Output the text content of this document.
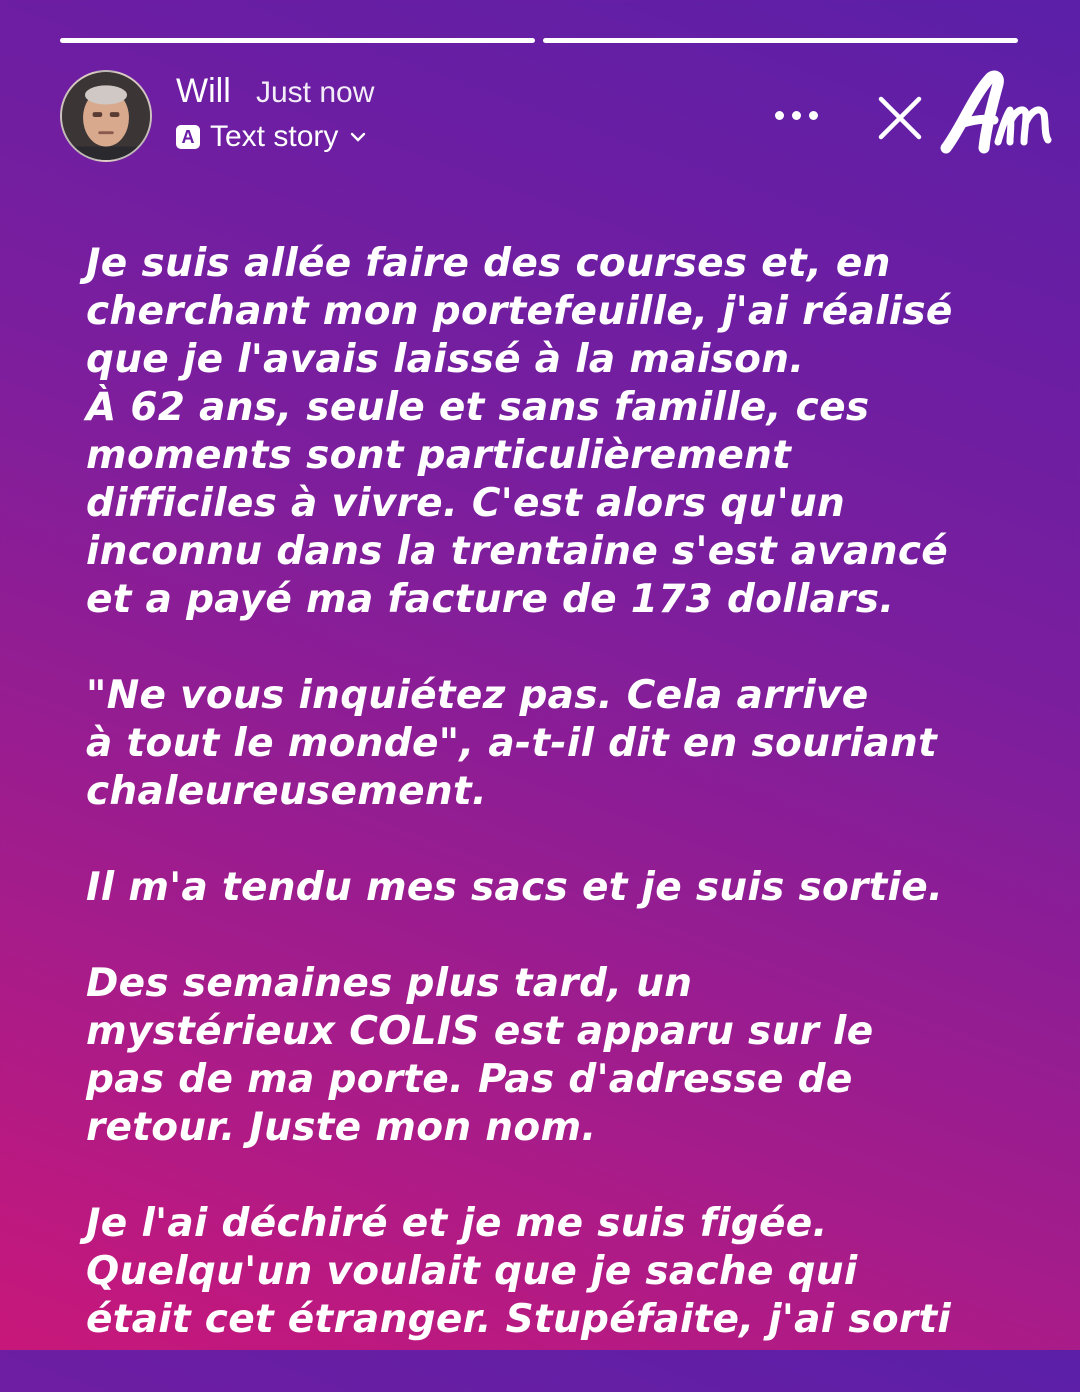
Will Just now
A Text story

Je suis allée faire des courses et, en
cherchant mon portefeuille, j'ai réalisé
que je l'avais laissé à la maison.
À 62 ans, seule et sans famille, ces
moments sont particulièrement
difficiles à vivre. C'est alors qu'un
inconnu dans la trentaine s'est avancé
et a payé ma facture de 173 dollars.

"Ne vous inquiétez pas. Cela arrive
à tout le monde", a-t-il dit en souriant
chaleureusement.

Il m'a tendu mes sacs et je suis sortie.

Des semaines plus tard, un
mystérieux COLIS est apparu sur le
pas de ma porte. Pas d'adresse de
retour. Juste mon nom.

Je l'ai déchiré et je me suis figée.
Quelqu'un voulait que je sache qui
était cet étranger. Stupéfaite, j'ai sorti
